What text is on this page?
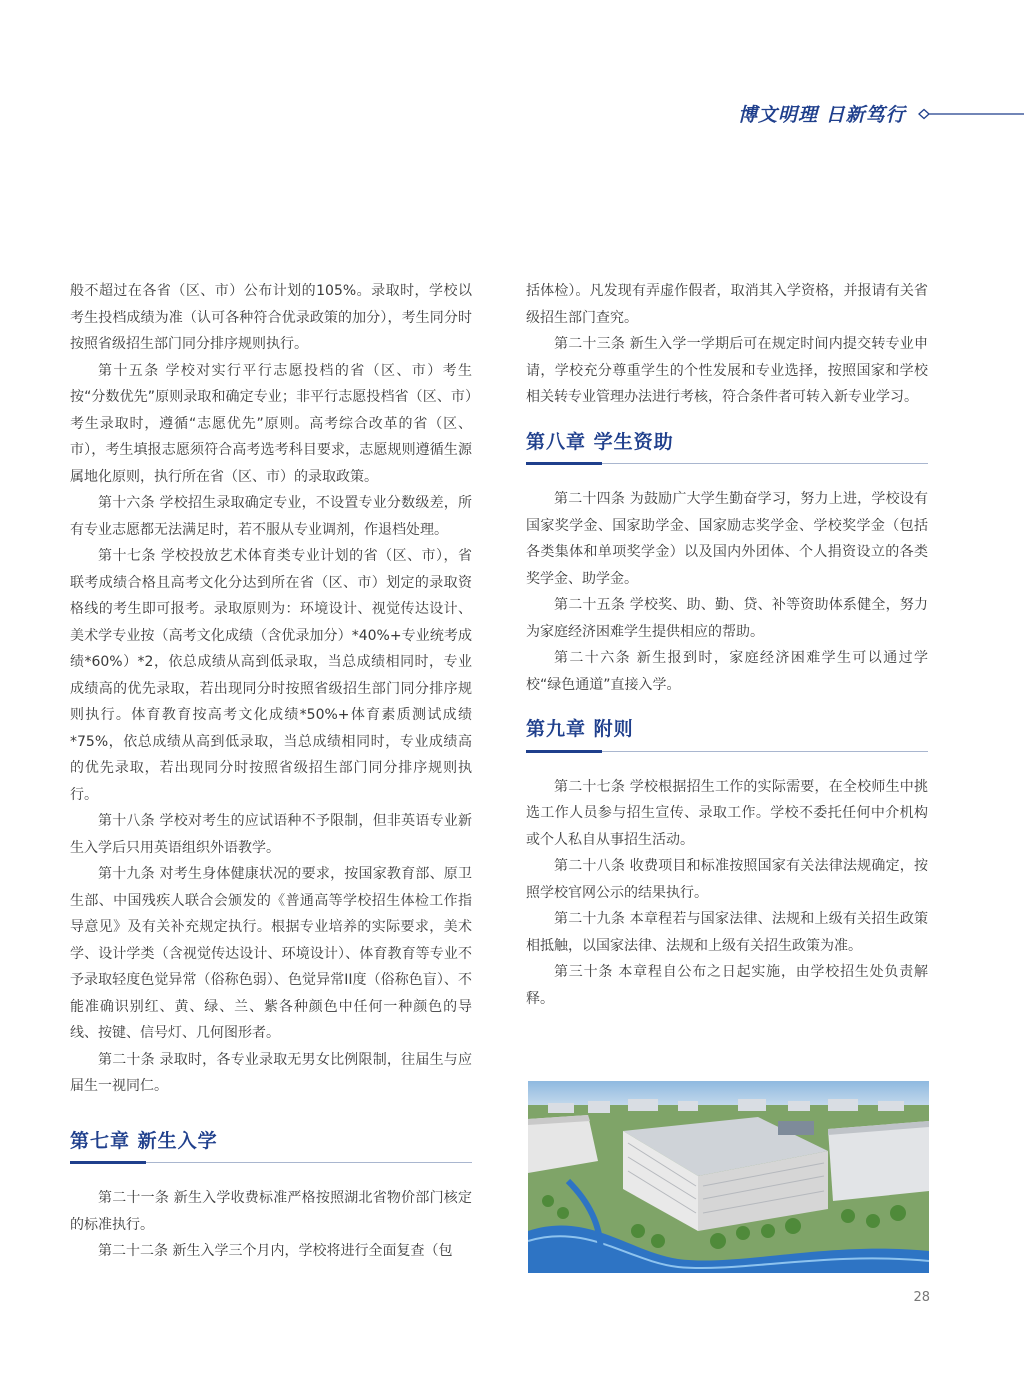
博文明理 日新笃行

般不超过在各省（区、市）公布计划的105%。录取时，学校以考生投档成绩为准（认可各种符合优录政策的加分），考生同分时按照省级招生部门同分排序规则执行。

第十五条 学校对实行平行志愿投档的省（区、市）考生按“分数优先”原则录取和确定专业；非平行志愿投档省（区、市）考生录取时，遵循“志愿优先”原则。高考综合改革的省（区、市），考生填报志愿须符合高考选考科目要求，志愿规则遵循生源属地化原则，执行所在省（区、市）的录取政策。

第十六条 学校招生录取确定专业，不设置专业分数级差，所有专业志愿都无法满足时，若不服从专业调剂，作退档处理。

第十七条 学校投放艺术体育类专业计划的省（区、市），省联考成绩合格且高考文化分达到所在省（区、市）划定的录取资格线的考生即可报考。录取原则为：环境设计、视觉传达设计、美术学专业按（高考文化成绩（含优录加分）*40%+专业统考成绩*60%）*2，依总成绩从高到低录取，当总成绩相同时，专业成绩高的优先录取，若出现同分时按照省级招生部门同分排序规则执行。体育教育按高考文化成绩*50%+体育素质测试成绩*75%，依总成绩从高到低录取，当总成绩相同时，专业成绩高的优先录取，若出现同分时按照省级招生部门同分排序规则执行。

第十八条 学校对考生的应试语种不予限制，但非英语专业新生入学后只用英语组织外语教学。

第十九条 对考生身体健康状况的要求，按国家教育部、原卫生部、中国残疾人联合会颁发的《普通高等学校招生体检工作指导意见》及有关补充规定执行。根据专业培养的实际要求，美术学、设计学类（含视觉传达设计、环境设计）、体育教育等专业不予录取轻度色觉异常（俗称色弱）、色觉异常II度（俗称色盲）、不能准确识别红、黄、绿、兰、紫各种颜色中任何一种颜色的导线、按键、信号灯、几何图形者。

第二十条 录取时，各专业录取无男女比例限制，往届生与应届生一视同仁。

第七章 新生入学

第二十一条 新生入学收费标准严格按照湖北省物价部门核定的标准执行。

第二十二条 新生入学三个月内，学校将进行全面复查（包

括体检）。凡发现有弄虚作假者，取消其入学资格，并报请有关省级招生部门查究。

第二十三条 新生入学一学期后可在规定时间内提交转专业申请，学校充分尊重学生的个性发展和专业选择，按照国家和学校相关转专业管理办法进行考核，符合条件者可转入新专业学习。

第八章 学生资助

第二十四条 为鼓励广大学生勤奋学习，努力上进，学校设有国家奖学金、国家助学金、国家励志奖学金、学校奖学金（包括各类集体和单项奖学金）以及国内外团体、个人捐资设立的各类奖学金、助学金。

第二十五条 学校奖、助、勤、贷、补等资助体系健全，努力为家庭经济困难学生提供相应的帮助。

第二十六条 新生报到时，家庭经济困难学生可以通过学校“绿色通道”直接入学。

第九章 附则

第二十七条 学校根据招生工作的实际需要，在全校师生中挑选工作人员参与招生宣传、录取工作。学校不委托任何中介机构或个人私自从事招生活动。

第二十八条 收费项目和标准按照国家有关法律法规确定，按照学校官网公示的结果执行。

第二十九条 本章程若与国家法律、法规和上级有关招生政策相抵触，以国家法律、法规和上级有关招生政策为准。

第三十条 本章程自公布之日起实施，由学校招生处负责解释。

28
